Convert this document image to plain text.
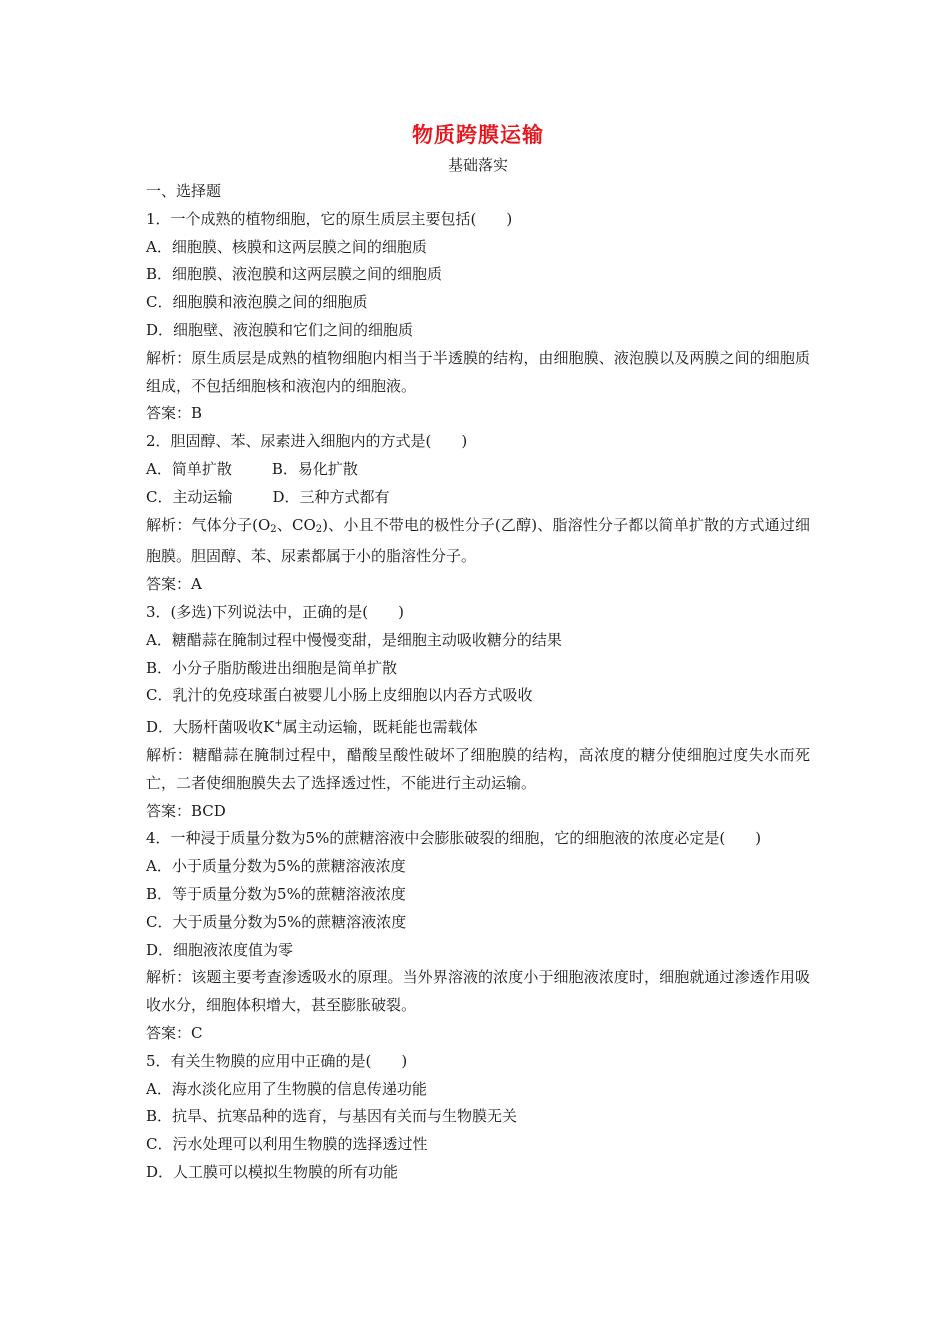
物质跨膜运输
基础落实
一、选择题
1．一个成熟的植物细胞，它的原生质层主要包括(　　)
A．细胞膜、核膜和这两层膜之间的细胞质
B．细胞膜、液泡膜和这两层膜之间的细胞质
C．细胞膜和液泡膜之间的细胞质
D．细胞壁、液泡膜和它们之间的细胞质
解析：原生质层是成熟的植物细胞内相当于半透膜的结构，由细胞膜、液泡膜以及两膜之间的细胞质组成，不包括细胞核和液泡内的细胞液。
答案：B
2．胆固醇、苯、尿素进入细胞内的方式是(　　)
A．简单扩散	B．易化扩散
C．主动运输	D．三种方式都有
解析：气体分子($O_2$、$CO_2$)、小且不带电的极性分子(乙醇)、脂溶性分子都以简单扩散的方式通过细胞膜。胆固醇、苯、尿素都属于小的脂溶性分子。
答案：A
3．(多选)下列说法中，正确的是(　　)
A．糖醋蒜在腌制过程中慢慢变甜，是细胞主动吸收糖分的结果
B．小分子脂肪酸进出细胞是简单扩散
C．乳汁的免疫球蛋白被婴儿小肠上皮细胞以内吞方式吸收
D．大肠杆菌吸收K+属主动运输，既耗能也需载体
解析：糖醋蒜在腌制过程中，醋酸呈酸性破坏了细胞膜的结构，高浓度的糖分使细胞过度失水而死亡，二者使细胞膜失去了选择透过性，不能进行主动运输。
答案：BCD
4．一种浸于质量分数为5%的蔗糖溶液中会膨胀破裂的细胞，它的细胞液的浓度必定是(　　)
A．小于质量分数为5%的蔗糖溶液浓度
B．等于质量分数为5%的蔗糖溶液浓度
C．大于质量分数为5%的蔗糖溶液浓度
D．细胞液浓度值为零
解析：该题主要考查渗透吸水的原理。当外界溶液的浓度小于细胞液浓度时，细胞就通过渗透作用吸收水分，细胞体积增大，甚至膨胀破裂。
答案：C
5．有关生物膜的应用中正确的是(　　)
A．海水淡化应用了生物膜的信息传递功能
B．抗旱、抗寒品种的选育，与基因有关而与生物膜无关
C．污水处理可以利用生物膜的选择透过性
D．人工膜可以模拟生物膜的所有功能
